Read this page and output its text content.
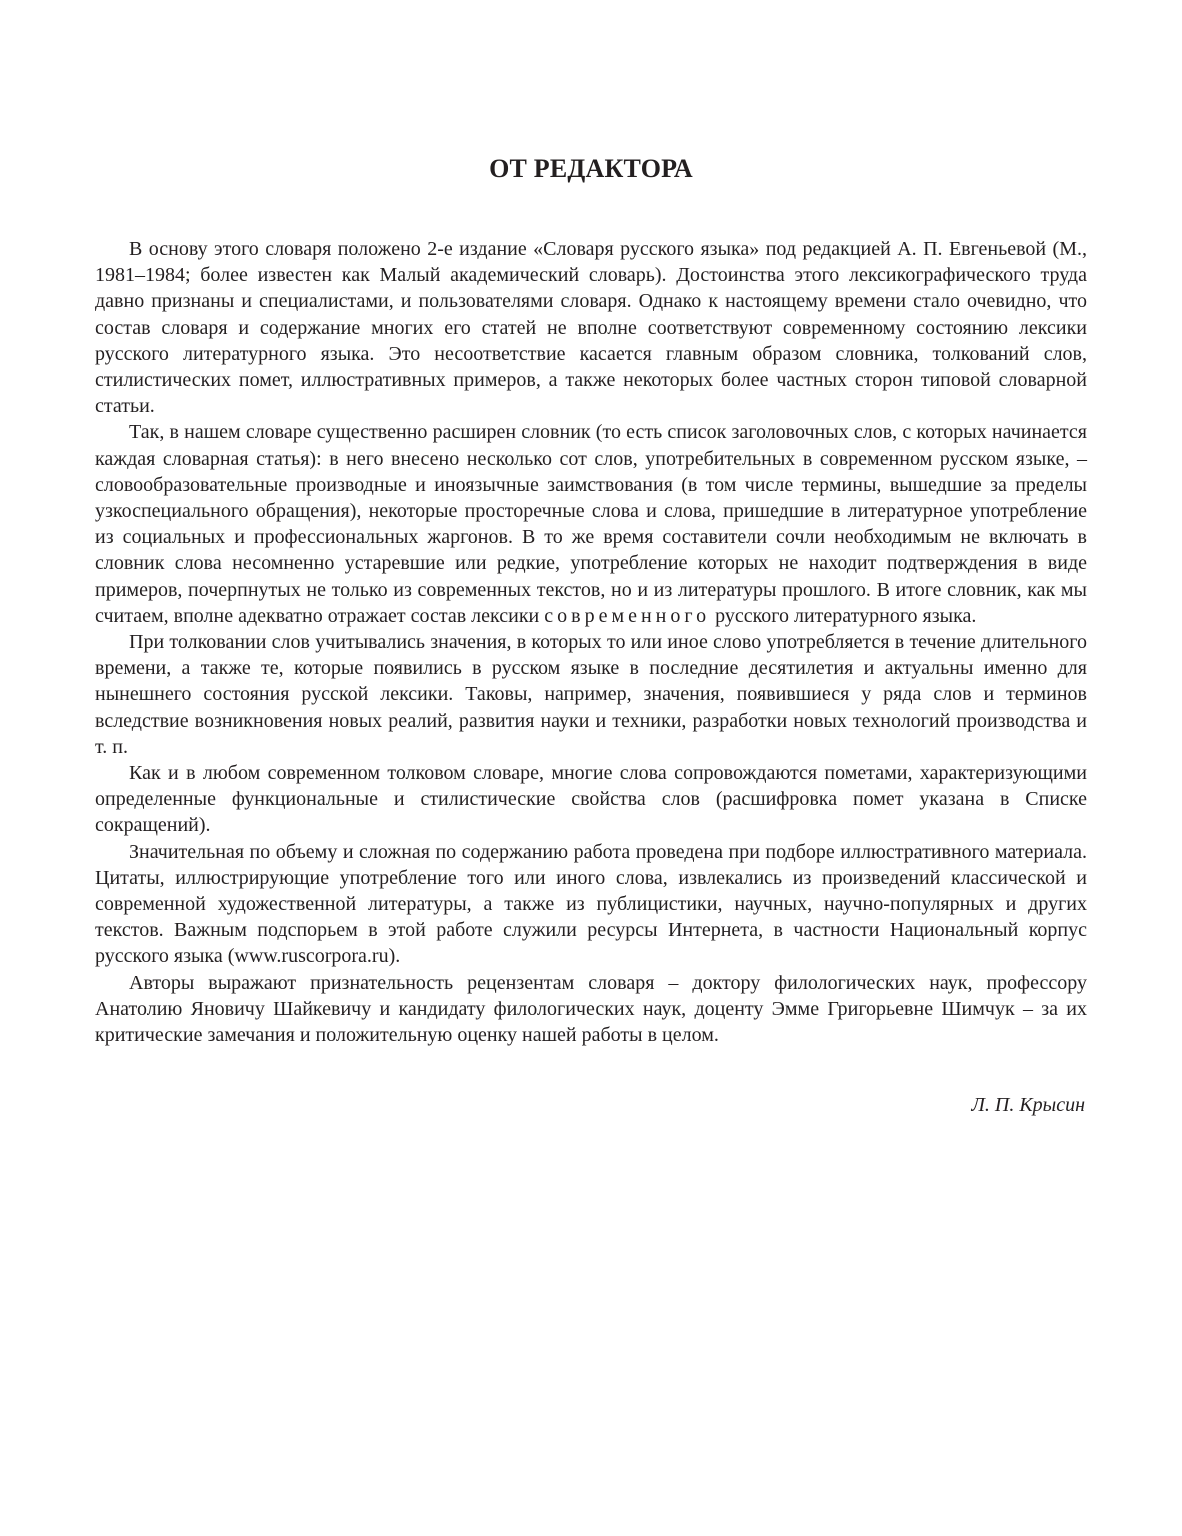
ОТ РЕДАКТОРА

В основу этого словаря положено 2-е издание «Словаря русского языка» под редакцией А. П. Евгеньевой (М., 1981–1984; более известен как Малый академический словарь). Достоинства этого лексикографического труда давно признаны и специалистами, и пользователями словаря. Однако к настоящему времени стало очевидно, что состав словаря и содержание многих его статей не вполне соответствуют современному состоянию лексики русского литературного языка. Это несоответствие касается главным образом словника, толкований слов, стилистических помет, иллюстративных примеров, а также некоторых более частных сторон типовой словарной статьи.

Так, в нашем словаре существенно расширен словник (то есть список заголовочных слов, с которых начинается каждая словарная статья): в него внесено несколько сот слов, употребительных в современном русском языке, – словообразовательные производные и иноязычные заимствования (в том числе термины, вышедшие за пределы узкоспециального обращения), некоторые просторечные слова и слова, пришедшие в литературное употребление из социальных и профессиональных жаргонов. В то же время составители сочли необходимым не включать в словник слова несомненно устаревшие или редкие, употребление которых не находит подтверждения в виде примеров, почерпнутых не только из современных текстов, но и из литературы прошлого. В итоге словник, как мы считаем, вполне адекватно отражает состав лексики современного русского литературного языка.

При толковании слов учитывались значения, в которых то или иное слово употребляется в течение длительного времени, а также те, которые появились в русском языке в последние десятилетия и актуальны именно для нынешнего состояния русской лексики. Таковы, например, значения, появившиеся у ряда слов и терминов вследствие возникновения новых реалий, развития науки и техники, разработки новых технологий производства и т. п.

Как и в любом современном толковом словаре, многие слова сопровождаются пометами, характеризующими определенные функциональные и стилистические свойства слов (расшифровка помет указана в Списке сокращений).

Значительная по объему и сложная по содержанию работа проведена при подборе иллюстративного материала. Цитаты, иллюстрирующие употребление того или иного слова, извлекались из произведений классической и современной художественной литературы, а также из публицистики, научных, научно-популярных и других текстов. Важным подспорьем в этой работе служили ресурсы Интернета, в частности Национальный корпус русского языка (www.ruscorpora.ru).

Авторы выражают признательность рецензентам словаря – доктору филологических наук, профессору Анатолию Яновичу Шайкевичу и кандидату филологических наук, доценту Эмме Григорьевне Шимчук – за их критические замечания и положительную оценку нашей работы в целом.

Л. П. Крысин
